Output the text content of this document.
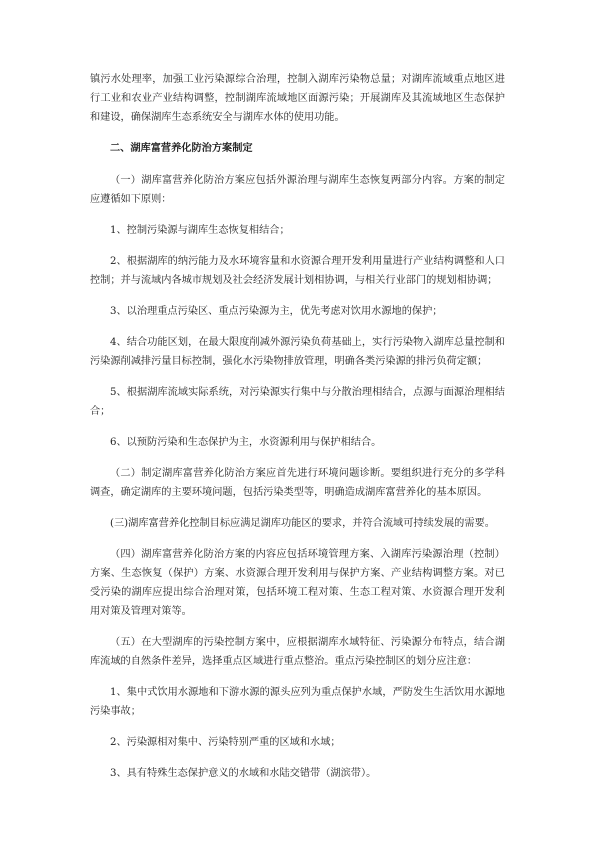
镇污水处理率，加强工业污染源综合治理，控制入湖库污染物总量；对湖库流域重点地区进行工业和农业产业结构调整，控制湖库流域地区面源污染；开展湖库及其流域地区生态保护和建设，确保湖库生态系统安全与湖库水体的使用功能。

二、湖库富营养化防治方案制定

（一）湖库富营养化防治方案应包括外源治理与湖库生态恢复两部分内容。方案的制定应遵循如下原则：

1、控制污染源与湖库生态恢复相结合；

2、根据湖库的纳污能力及水环境容量和水资源合理开发利用量进行产业结构调整和人口控制；并与流域内各城市规划及社会经济发展计划相协调，与相关行业部门的规划相协调；

3、以治理重点污染区、重点污染源为主，优先考虑对饮用水源地的保护；

4、结合功能区划，在最大限度削减外源污染负荷基础上，实行污染物入湖库总量控制和污染源削减排污量目标控制，强化水污染物排放管理，明确各类污染源的排污负荷定额；

5、根据湖库流域实际系统，对污染源实行集中与分散治理相结合，点源与面源治理相结合；

6、以预防污染和生态保护为主，水资源利用与保护相结合。

（二）制定湖库富营养化防治方案应首先进行环境问题诊断。要组织进行充分的多学科调查，确定湖库的主要环境问题，包括污染类型等，明确造成湖库富营养化的基本原因。

(三)湖库富营养化控制目标应满足湖库功能区的要求，并符合流域可持续发展的需要。

（四）湖库富营养化防治方案的内容应包括环境管理方案、入湖库污染源治理（控制）方案、生态恢复（保护）方案、水资源合理开发利用与保护方案、产业结构调整方案。对已受污染的湖库应提出综合治理对策，包括环境工程对策、生态工程对策、水资源合理开发利用对策及管理对策等。

（五）在大型湖库的污染控制方案中，应根据湖库水域特征、污染源分布特点，结合湖库流域的自然条件差异，选择重点区域进行重点整治。重点污染控制区的划分应注意：

1、集中式饮用水源地和下游水源的源头应列为重点保护水域，严防发生生活饮用水源地污染事故；

2、污染源相对集中、污染特别严重的区域和水域；

3、具有特殊生态保护意义的水域和水陆交错带（湖滨带）。
